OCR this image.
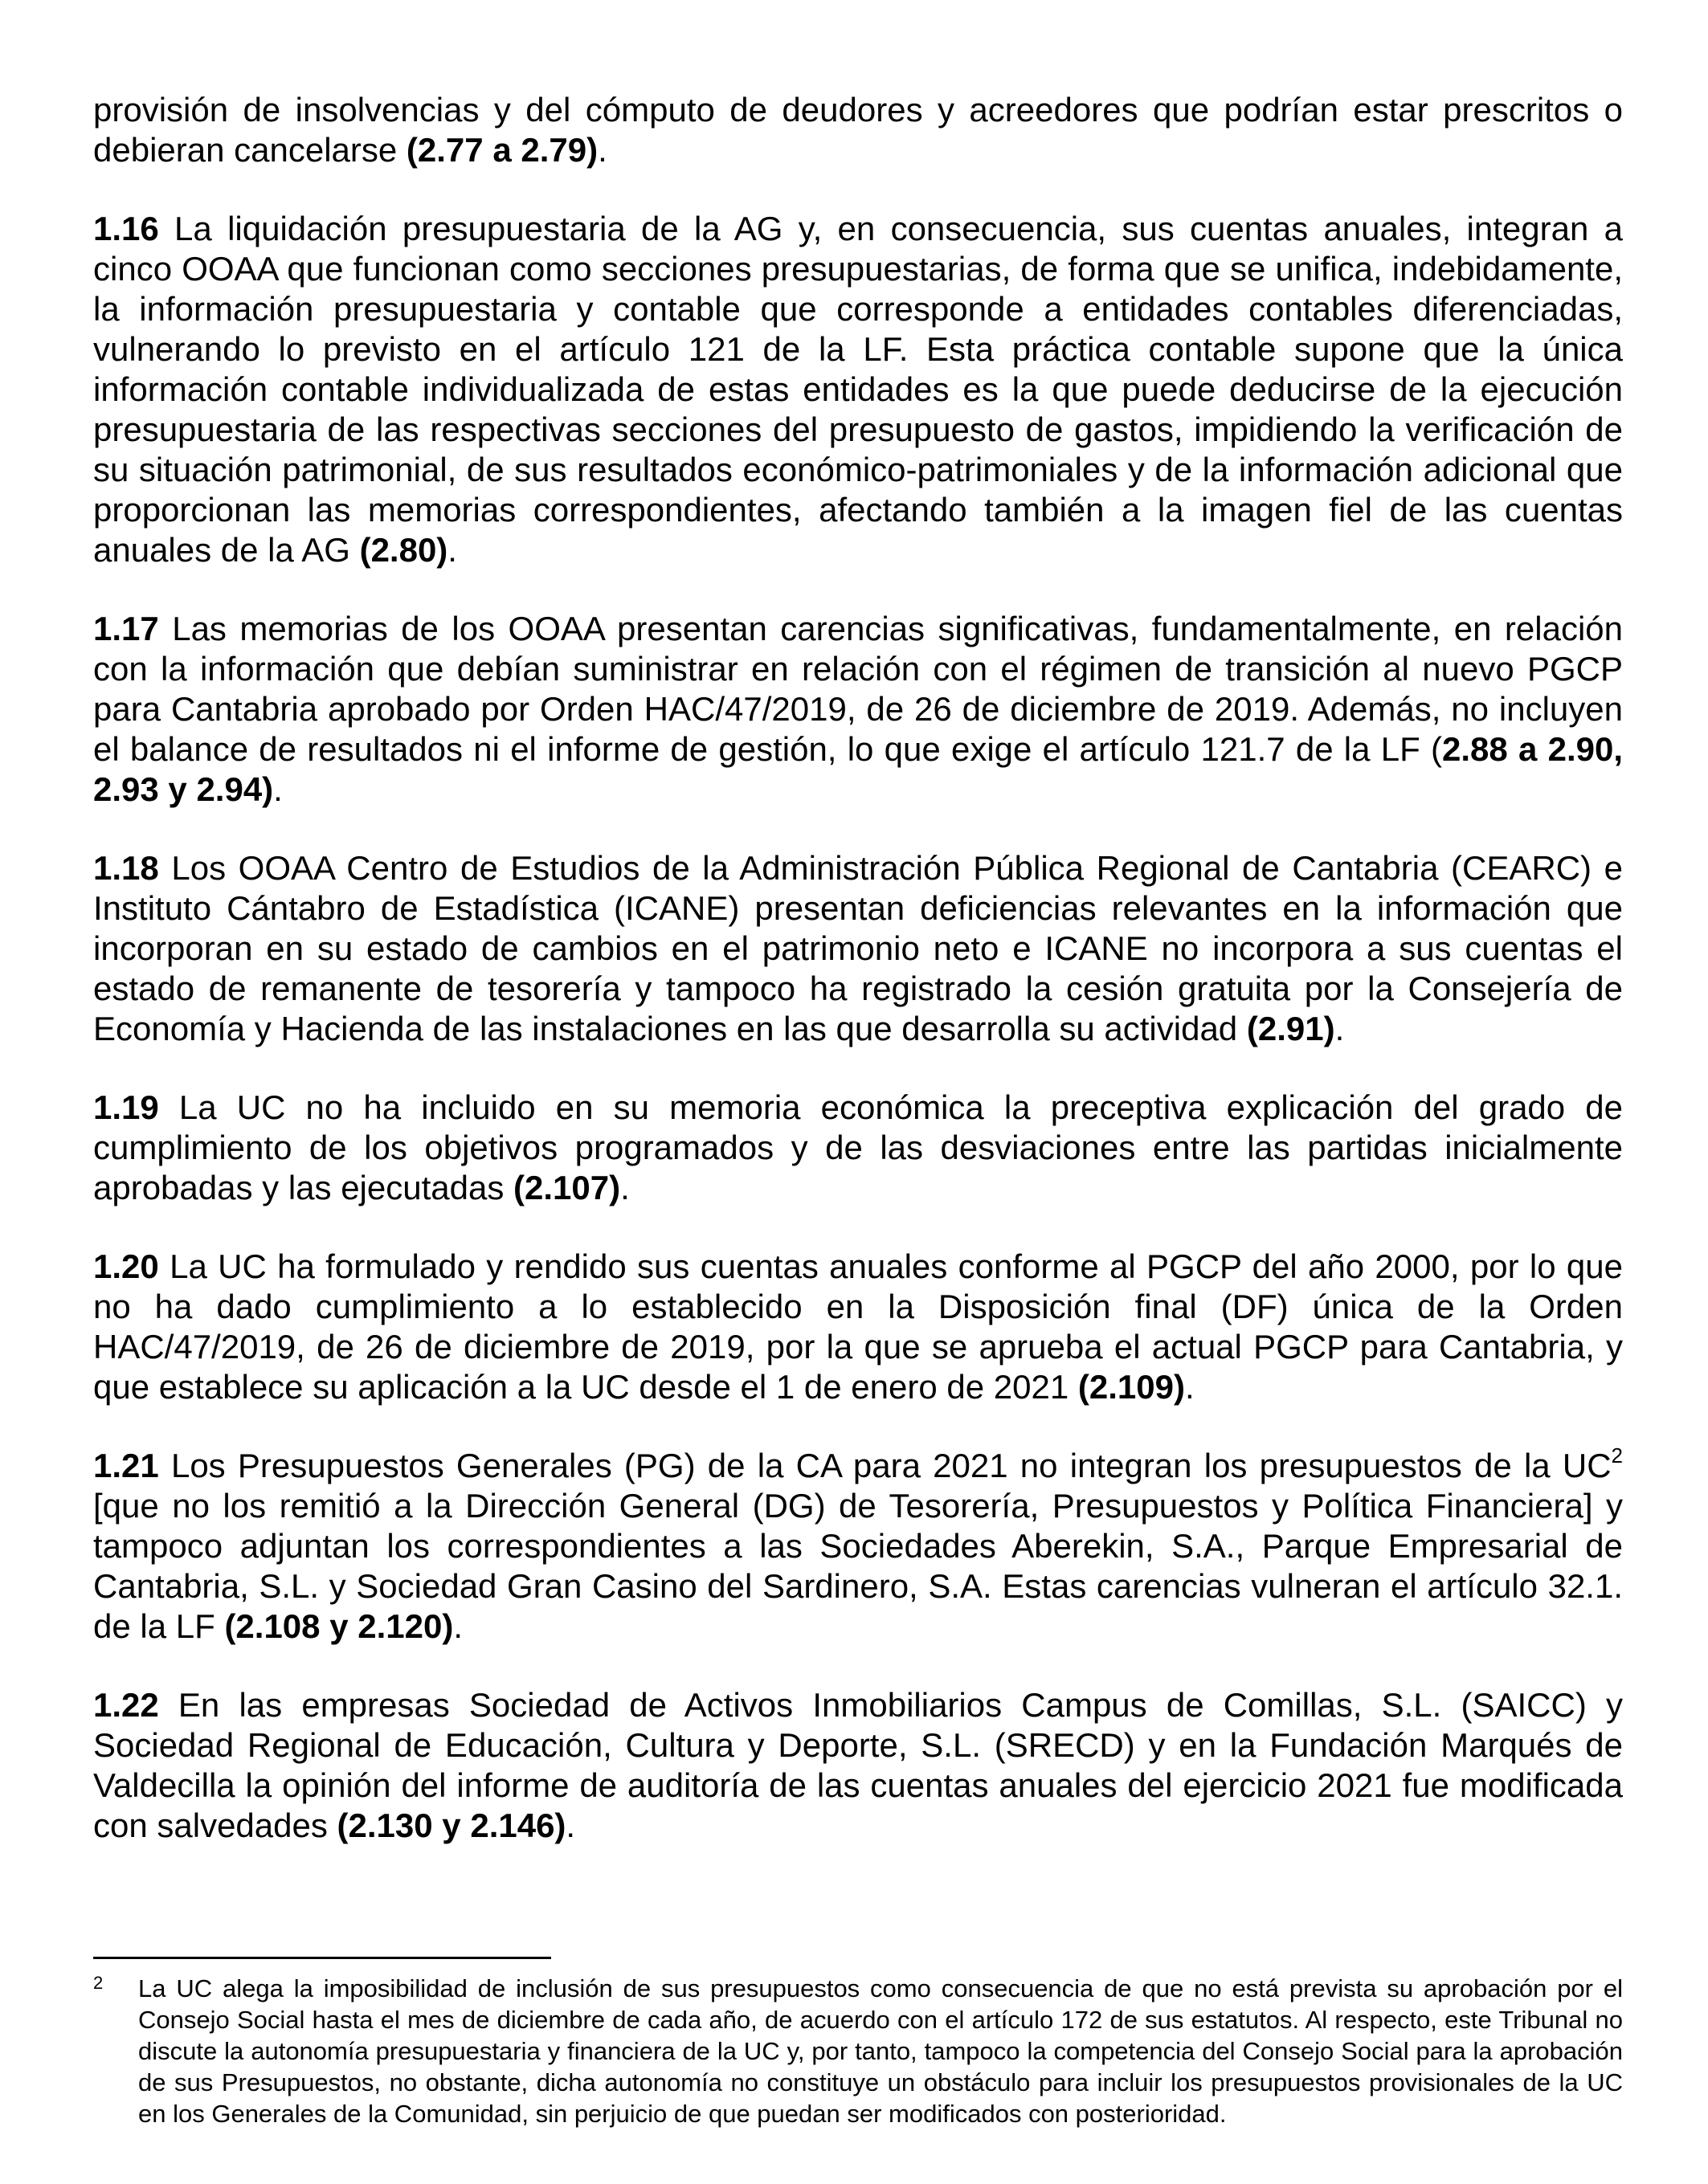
provisión de insolvencias y del cómputo de deudores y acreedores que podrían estar prescritos o debieran cancelarse (2.77 a 2.79).

1.16 La liquidación presupuestaria de la AG y, en consecuencia, sus cuentas anuales, integran a cinco OOAA que funcionan como secciones presupuestarias, de forma que se unifica, indebidamente, la información presupuestaria y contable que corresponde a entidades contables diferenciadas, vulnerando lo previsto en el artículo 121 de la LF. Esta práctica contable supone que la única información contable individualizada de estas entidades es la que puede deducirse de la ejecución presupuestaria de las respectivas secciones del presupuesto de gastos, impidiendo la verificación de su situación patrimonial, de sus resultados económico-patrimoniales y de la información adicional que proporcionan las memorias correspondientes, afectando también a la imagen fiel de las cuentas anuales de la AG (2.80).

1.17 Las memorias de los OOAA presentan carencias significativas, fundamentalmente, en relación con la información que debían suministrar en relación con el régimen de transición al nuevo PGCP para Cantabria aprobado por Orden HAC/47/2019, de 26 de diciembre de 2019. Además, no incluyen el balance de resultados ni el informe de gestión, lo que exige el artículo 121.7 de la LF (2.88 a 2.90, 2.93 y 2.94).

1.18 Los OOAA Centro de Estudios de la Administración Pública Regional de Cantabria (CEARC) e Instituto Cántabro de Estadística (ICANE) presentan deficiencias relevantes en la información que incorporan en su estado de cambios en el patrimonio neto e ICANE no incorpora a sus cuentas el estado de remanente de tesorería y tampoco ha registrado la cesión gratuita por la Consejería de Economía y Hacienda de las instalaciones en las que desarrolla su actividad (2.91).

1.19 La UC no ha incluido en su memoria económica la preceptiva explicación del grado de cumplimiento de los objetivos programados y de las desviaciones entre las partidas inicialmente aprobadas y las ejecutadas (2.107).

1.20 La UC ha formulado y rendido sus cuentas anuales conforme al PGCP del año 2000, por lo que no ha dado cumplimiento a lo establecido en la Disposición final (DF) única de la Orden HAC/47/2019, de 26 de diciembre de 2019, por la que se aprueba el actual PGCP para Cantabria, y que establece su aplicación a la UC desde el 1 de enero de 2021 (2.109).

1.21 Los Presupuestos Generales (PG) de la CA para 2021 no integran los presupuestos de la $UC^2$ [que no los remitió a la Dirección General (DG) de Tesorería, Presupuestos y Política Financiera] y tampoco adjuntan los correspondientes a las Sociedades Aberekin, S.A., Parque Empresarial de Cantabria, S.L. y Sociedad Gran Casino del Sardinero, S.A. Estas carencias vulneran el artículo 32.1. de la LF (2.108 y 2.120).

1.22 En las empresas Sociedad de Activos Inmobiliarios Campus de Comillas, S.L. (SAICC) y Sociedad Regional de Educación, Cultura y Deporte, S.L. (SRECD) y en la Fundación Marqués de Valdecilla la opinión del informe de auditoría de las cuentas anuales del ejercicio 2021 fue modificada con salvedades (2.130 y 2.146).

2 La UC alega la imposibilidad de inclusión de sus presupuestos como consecuencia de que no está prevista su aprobación por el Consejo Social hasta el mes de diciembre de cada año, de acuerdo con el artículo 172 de sus estatutos. Al respecto, este Tribunal no discute la autonomía presupuestaria y financiera de la UC y, por tanto, tampoco la competencia del Consejo Social para la aprobación de sus Presupuestos, no obstante, dicha autonomía no constituye un obstáculo para incluir los presupuestos provisionales de la UC en los Generales de la Comunidad, sin perjuicio de que puedan ser modificados con posterioridad.
